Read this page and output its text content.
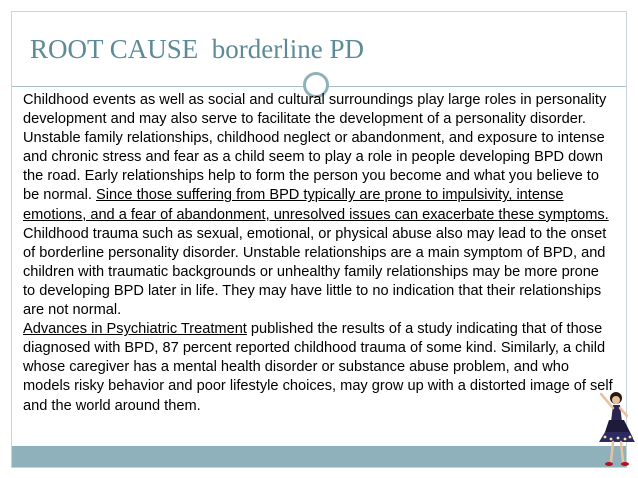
ROOT CAUSE  borderline PD

Childhood events as well as social and cultural surroundings play large roles in personality development and may also serve to facilitate the development of a personality disorder. Unstable family relationships, childhood neglect or abandonment, and exposure to intense and chronic stress and fear as a child seem to play a role in people developing BPD down the road. Early relationships help to form the person you become and what you believe to be normal. Since those suffering from BPD typically are prone to impulsivity, intense emotions, and a fear of abandonment, unresolved issues can exacerbate these symptoms.

Childhood trauma such as sexual, emotional, or physical abuse also may lead to the onset of borderline personality disorder. Unstable relationships are a main symptom of BPD, and children with traumatic backgrounds or unhealthy family relationships may be more prone to developing BPD later in life. They may have little to no indication that their relationships are not normal.

Advances in Psychiatric Treatment published the results of a study indicating that of those diagnosed with BPD, 87 percent reported childhood trauma of some kind. Similarly, a child whose caregiver has a mental health disorder or substance abuse problem, and who models risky behavior and poor lifestyle choices, may grow up with a distorted image of self and the world around them.
